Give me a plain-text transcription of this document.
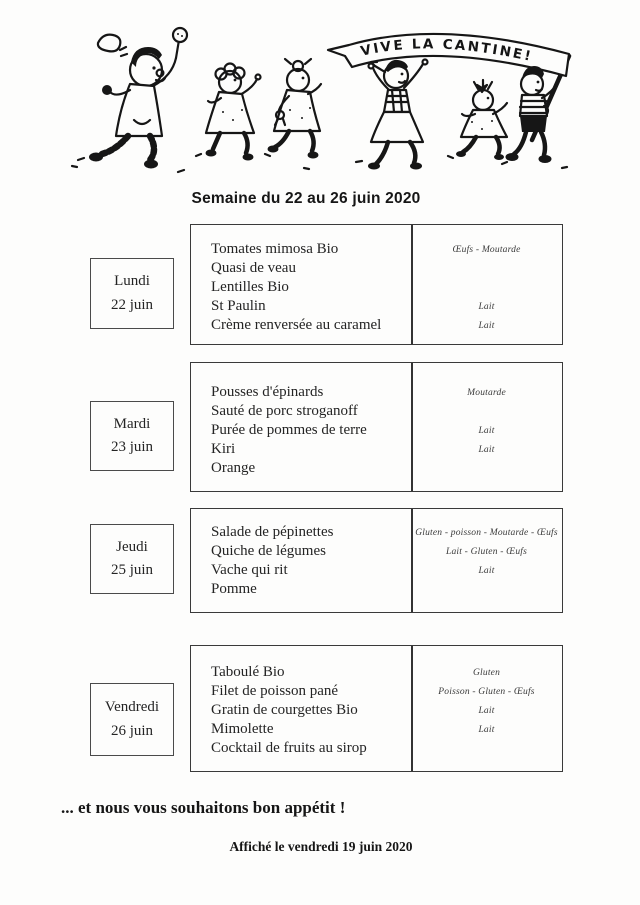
VIVE LA CANTINE!
Semaine du 22 au 26 juin 2020
Lundi
22 juin
Tomates mimosa Bio	Œufs - Moutarde
Quasi de veau
Lentilles Bio
St Paulin	Lait
Crème renversée au caramel	Lait
Mardi
23 juin
Pousses d'épinards	Moutarde
Sauté de porc stroganoff
Purée de pommes de terre	Lait
Kiri	Lait
Orange
Jeudi
25 juin
Salade de pépinettes	Gluten - poisson - Moutarde - Œufs
Quiche de légumes	Lait - Gluten - Œufs
Vache qui rit	Lait
Pomme
Vendredi
26 juin
Taboulé Bio	Gluten
Filet de poisson pané	Poisson - Gluten - Œufs
Gratin de courgettes Bio	Lait
Mimolette	Lait
Cocktail de fruits au sirop
... et nous vous souhaitons bon appétit !
Affiché le vendredi 19 juin 2020
